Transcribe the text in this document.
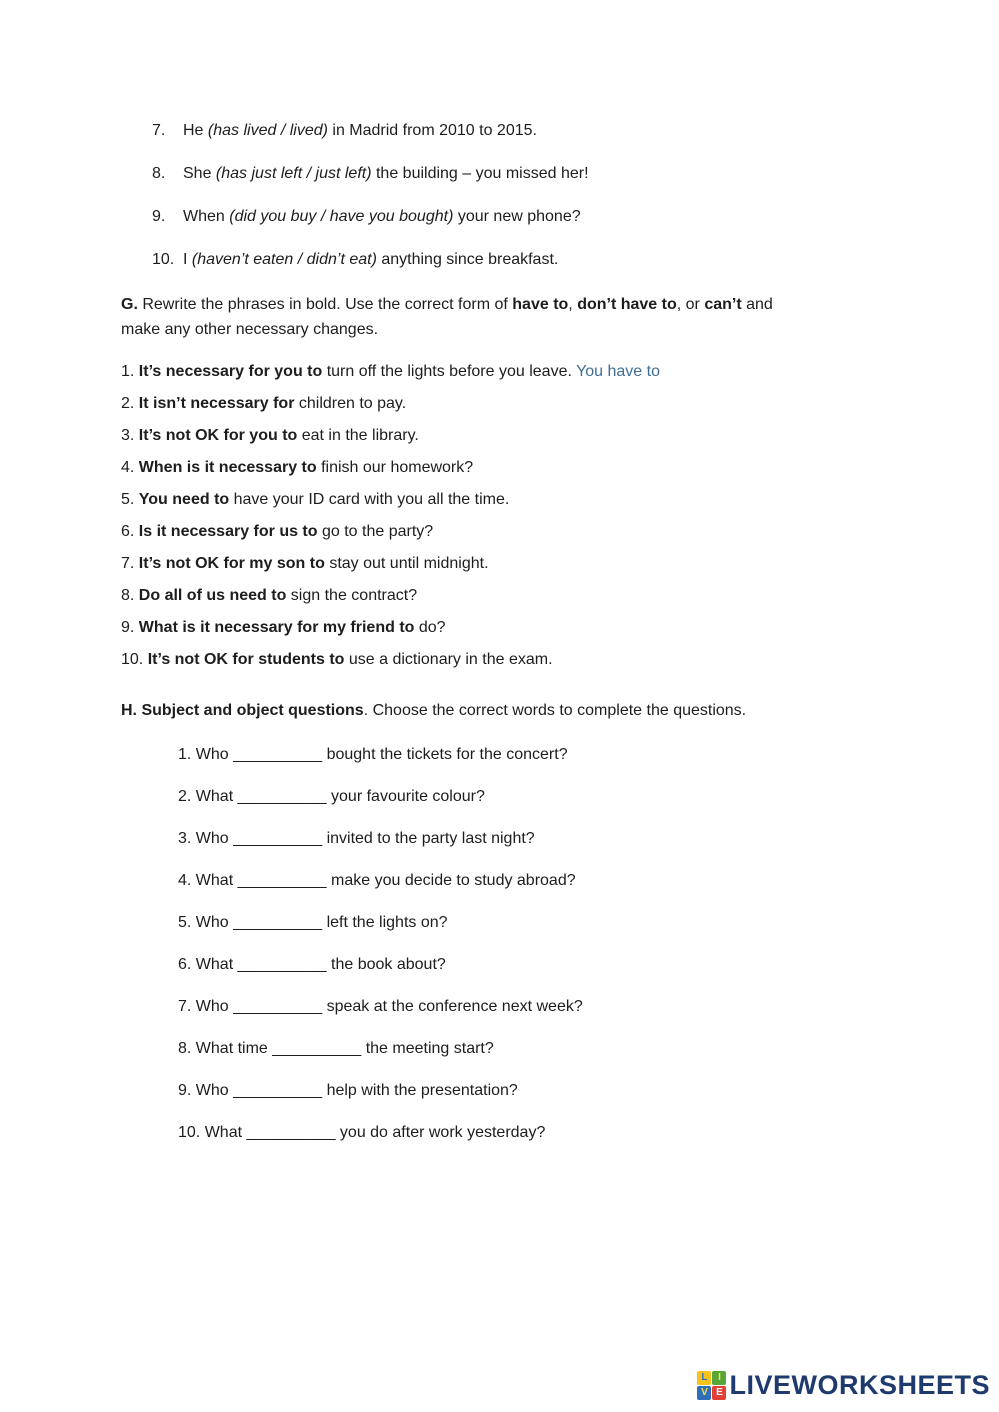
7. He (has lived / lived) in Madrid from 2010 to 2015.

8. She (has just left / just left) the building – you missed her!

9. When (did you buy / have you bought) your new phone?

10. I (haven’t eaten / didn’t eat) anything since breakfast.

G. Rewrite the phrases in bold. Use the correct form of have to, don’t have to, or can’t and
make any other necessary changes.

1. It’s necessary for you to turn off the lights before you leave. You have to

2. It isn’t necessary for children to pay.

3. It’s not OK for you to eat in the library.

4. When is it necessary to finish our homework?

5. You need to have your ID card with you all the time.

6. Is it necessary for us to go to the party?

7. It’s not OK for my son to stay out until midnight.

8. Do all of us need to sign the contract?

9. What is it necessary for my friend to do?

10. It’s not OK for students to use a dictionary in the exam.

H. Subject and object questions. Choose the correct words to complete the questions.

1. Who __________ bought the tickets for the concert?

2. What __________ your favourite colour?

3. Who __________ invited to the party last night?

4. What __________ make you decide to study abroad?

5. Who __________ left the lights on?

6. What __________ the book about?

7. Who __________ speak at the conference next week?

8. What time __________ the meeting start?

9. Who __________ help with the presentation?

10. What __________ you do after work yesterday?

L	I
V E LIVEWORKSHEETS
